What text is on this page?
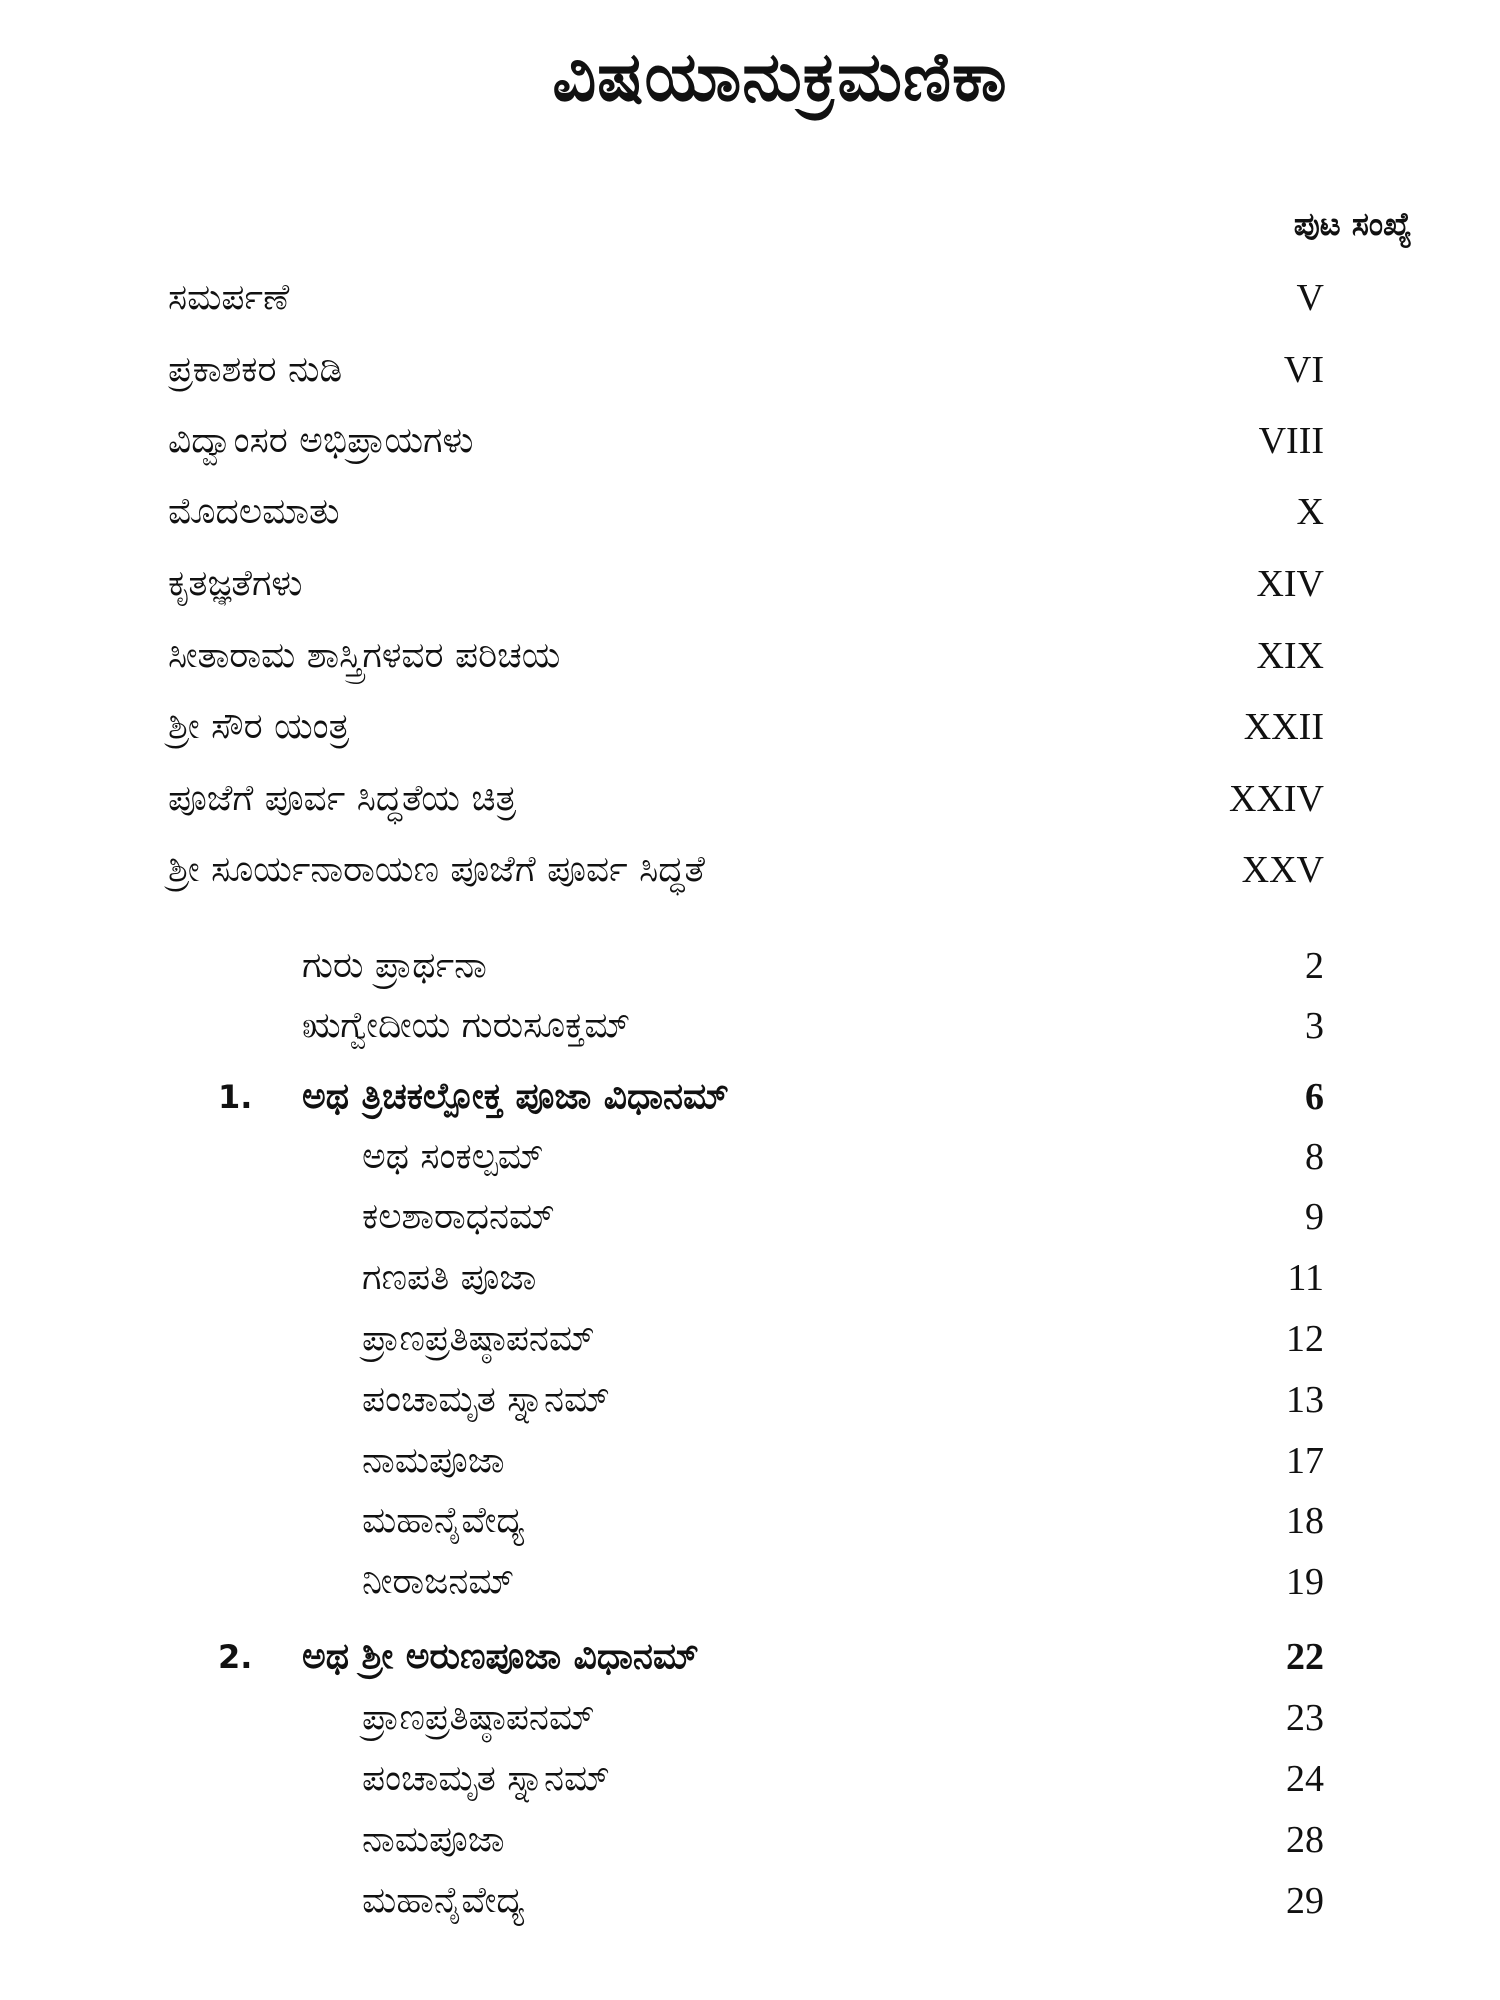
ವಿಷಯಾನುಕ್ರಮಣಿಕಾ
ಪುಟ ಸಂಖ್ಯೆ
ಸಮರ್ಪಣೆ	V
ಪ್ರಕಾಶಕರ ನುಡಿ	VI
ವಿದ್ವಾಂಸರ ಅಭಿಪ್ರಾಯಗಳು	VIII
ಮೊದಲಮಾತು	X
ಕೃತಜ್ಞತೆಗಳು	XIV
ಸೀತಾರಾಮ ಶಾಸ್ತ್ರಿಗಳವರ ಪರಿಚಯ	XIX
ಶ್ರೀ ಸೌರ ಯಂತ್ರ	XXII
ಪೂಜೆಗೆ ಪೂರ್ವ ಸಿದ್ಧತೆಯ ಚಿತ್ರ	XXIV
ಶ್ರೀ ಸೂರ್ಯನಾರಾಯಣ ಪೂಜೆಗೆ ಪೂರ್ವ ಸಿದ್ಧತೆ	XXV
ಗುರು ಪ್ರಾರ್ಥನಾ	2
ಋಗ್ವೇದೀಯ ಗುರುಸೂಕ್ತಮ್	3
1. ಅಥ ತ್ರಿಚಕಲ್ಪೋಕ್ತ ಪೂಜಾ ವಿಧಾನಮ್	6
ಅಥ ಸಂಕಲ್ಪಮ್	8
ಕಲಶಾರಾಧನಮ್	9
ಗಣಪತಿ ಪೂಜಾ	11
ಪ್ರಾಣಪ್ರತಿಷ್ಠಾಪನಮ್	12
ಪಂಚಾಮೃತ ಸ್ನಾನಮ್	13
ನಾಮಪೂಜಾ	17
ಮಹಾನೈವೇದ್ಯ	18
ನೀರಾಜನಮ್	19
2. ಅಥ ಶ್ರೀ ಅರುಣಪೂಜಾ ವಿಧಾನಮ್	22
ಪ್ರಾಣಪ್ರತಿಷ್ಠಾಪನಮ್	23
ಪಂಚಾಮೃತ ಸ್ನಾನಮ್	24
ನಾಮಪೂಜಾ	28
ಮಹಾನೈವೇದ್ಯ	29
